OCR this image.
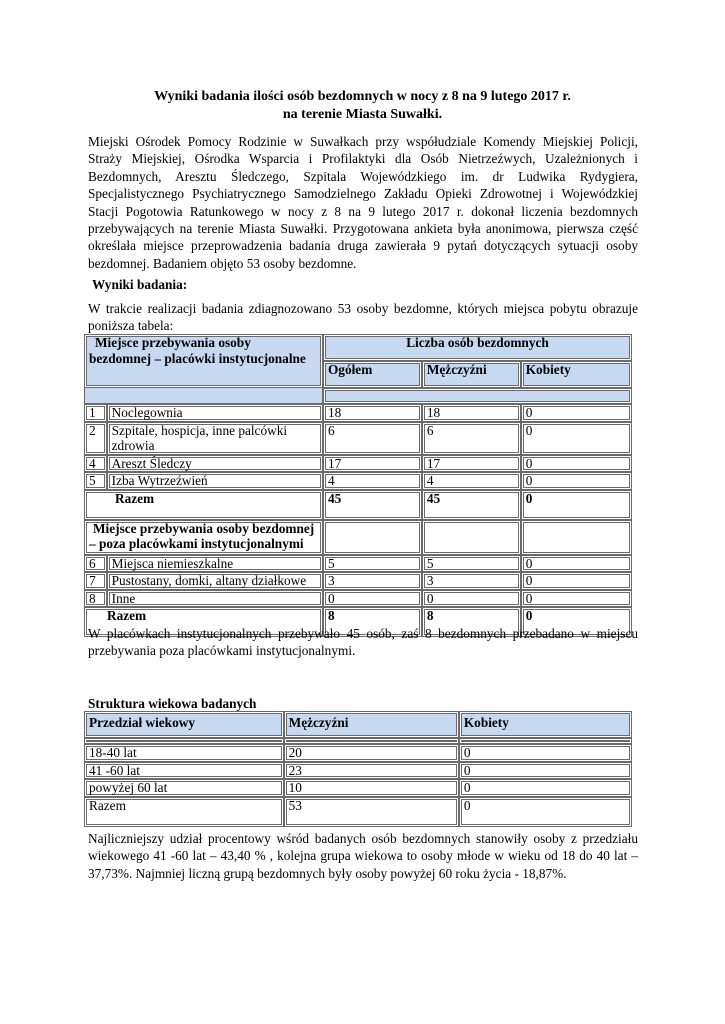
Wyniki badania ilości osób bezdomnych w nocy z 8 na 9 lutego 2017 r.
na terenie Miasta Suwałki.
Miejski Ośrodek Pomocy Rodzinie w Suwałkach przy współudziale Komendy Miejskiej Policji,
Straży Miejskiej, Ośrodka Wsparcia i Profilaktyki dla Osób Nietrzeźwych, Uzależnionych i
Bezdomnych, Aresztu Śledczego, Szpitala Wojewódzkiego im. dr Ludwika Rydygiera,
Specjalistycznego Psychiatrycznego Samodzielnego Zakładu Opieki Zdrowotnej i Wojewódzkiej
Stacji Pogotowia Ratunkowego w nocy z 8 na 9 lutego 2017 r. dokonał liczenia bezdomnych
przebywających na terenie Miasta Suwałki. Przygotowana ankieta była anonimowa, pierwsza część
określała miejsce przeprowadzenia badania druga zawierała 9 pytań dotyczących sytuacji osoby
bezdomnej. Badaniem objęto 53 osoby bezdomne.
Wyniki badania:
W trakcie realizacji badania zdiagnozowano 53 osoby bezdomne, których miejsca pobytu obrazuje
poniższa tabela:
Miejsce przebywania osoby
bezdomnej – placówki instytucjonalne		Liczba osób bezdomnych		
		Ogółem	Mężczyźni	Kobiety

1	Noclegownia	18	18	0
2	Szpitale, hospicja, inne palcówki zdrowia	6	6	0
4	Areszt Śledczy	17	17	0
5	Izba Wytrzeźwień	4	4	0
Razem		45	45	0

Miejsce przebywania osoby bezdomnej
– poza placówkami instytucjonalnymi				

6	Miejsca niemieszkalne	5	5	0
7	Pustostany, domki, altany działkowe	3	3	0
8	Inne	0	0	0
Razem		8	8	0
W placówkach instytucjonalnych przebywało 45 osób, zaś 8 bezdomnych przebadano w miejscu
przebywania poza placówkami instytucjonalnymi.
Struktura wiekowa badanych
Przedział wiekowy	Mężczyźni	Kobiety

18-40 lat	20	0
41 -60 lat	23	0
powyżej 60 lat	10	0
Razem	53	0
Najliczniejszy udział procentowy wśród badanych osób bezdomnych stanowiły osoby z przedziału
wiekowego 41 -60 lat – 43,40 % , kolejna grupa wiekowa to osoby młode w wieku od 18 do 40 lat –
37,73%. Najmniej liczną grupą bezdomnych były osoby powyżej 60 roku życia - 18,87%.
